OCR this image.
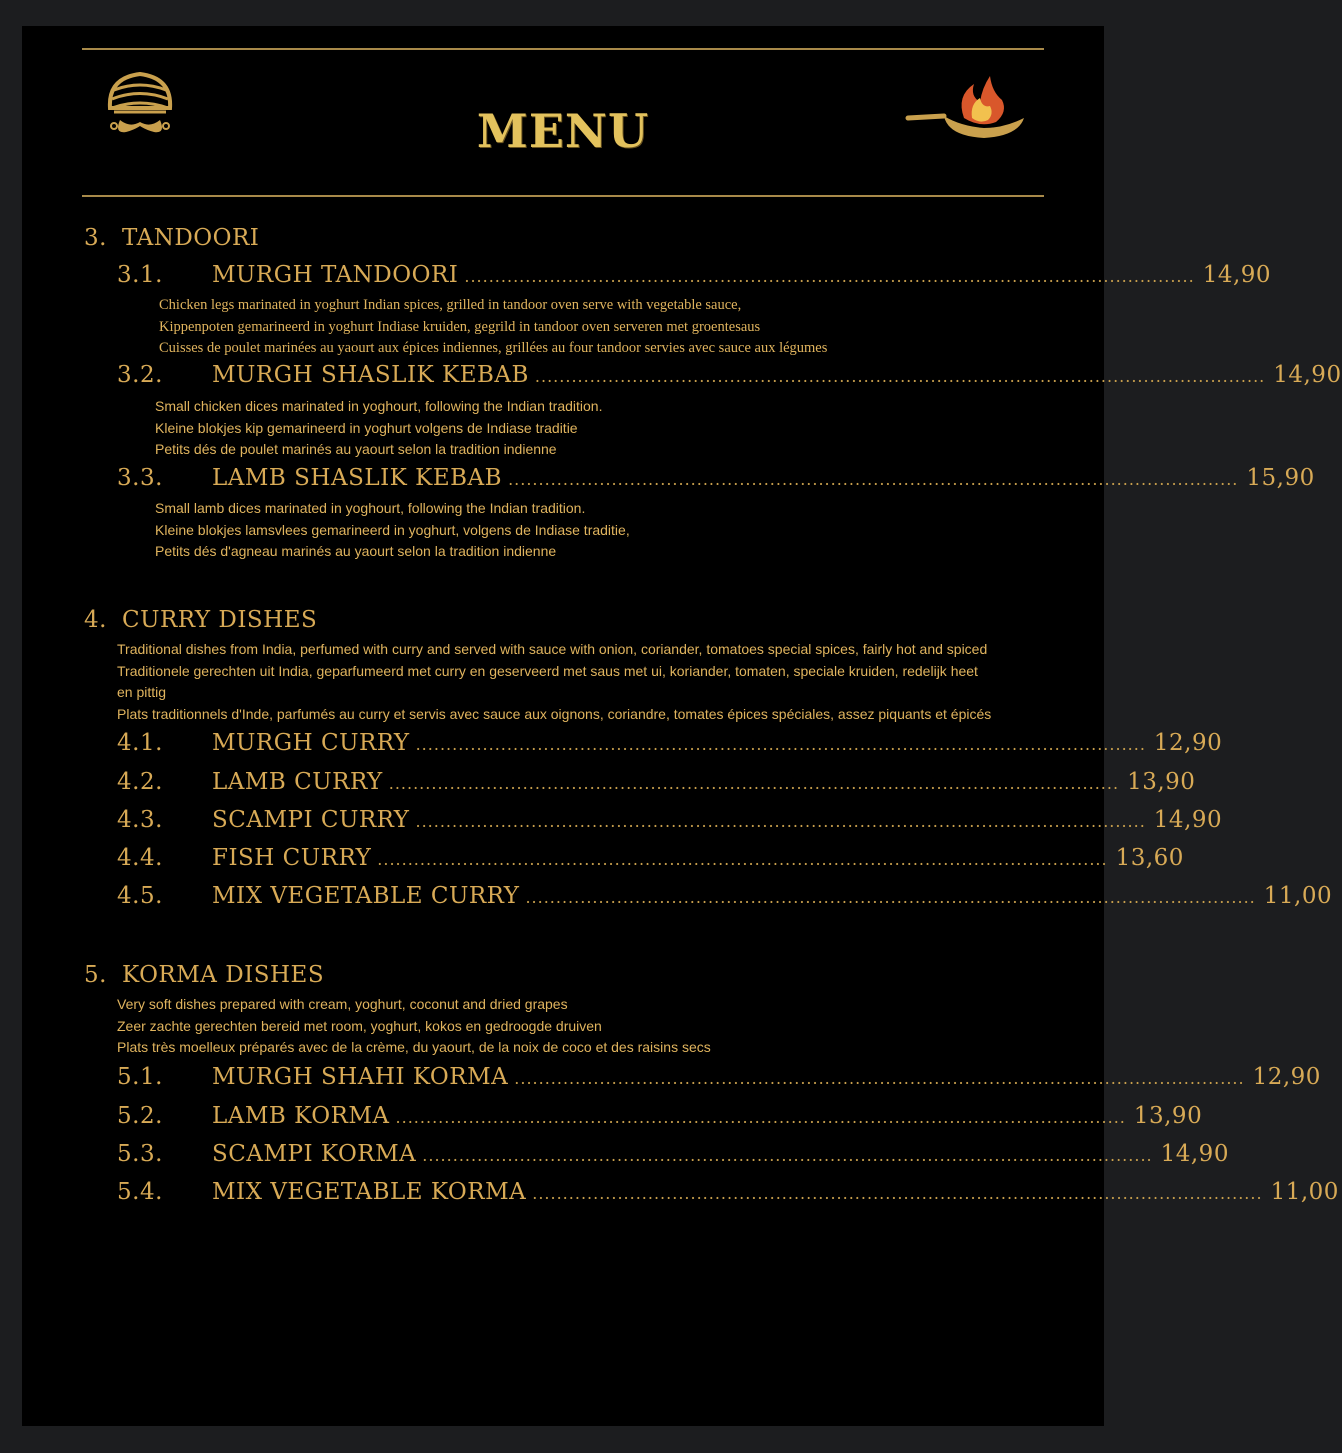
MENU
3. TANDOORI
3.1.	MURGH TANDOORI ........................................................................................................................ 14,90
Chicken legs marinated in yoghurt Indian spices, grilled in tandoor oven serve with vegetable sauce,
Kippenpoten gemarineerd in yoghurt Indiase kruiden, gegrild in tandoor oven serveren met groentesaus
Cuisses de poulet marinées au yaourt aux épices indiennes, grillées au four tandoor servies avec sauce aux légumes
3.2.	MURGH SHASLIK KEBAB ........................................................................................................................ 14,90
Small chicken dices marinated in yoghourt, following the Indian tradition.
Kleine blokjes kip gemarineerd in yoghurt volgens de Indiase traditie
Petits dés de poulet marinés au yaourt selon la tradition indienne
3.3.	LAMB SHASLIK KEBAB ........................................................................................................................ 15,90
Small lamb dices marinated in yoghourt, following the Indian tradition.
Kleine blokjes lamsvlees gemarineerd in yoghurt, volgens de Indiase traditie,
Petits dés d'agneau marinés au yaourt selon la tradition indienne
4. CURRY DISHES
Traditional dishes from India, perfumed with curry and served with sauce with onion, coriander, tomatoes special spices, fairly hot and spiced
Traditionele gerechten uit India, geparfumeerd met curry en geserveerd met saus met ui, koriander, tomaten, speciale kruiden, redelijk heet
en pittig
Plats traditionnels d'Inde, parfumés au curry et servis avec sauce aux oignons, coriandre, tomates épices spéciales, assez piquants et épicés
4.1.	MURGH CURRY ........................................................................................................................ 12,90
4.2.	LAMB CURRY ........................................................................................................................ 13,90
4.3.	SCAMPI CURRY ........................................................................................................................ 14,90
4.4.	FISH CURRY ........................................................................................................................ 13,60
4.5.	MIX VEGETABLE CURRY ........................................................................................................................ 11,00
5. KORMA DISHES
Very soft dishes prepared with cream, yoghurt, coconut and dried grapes
Zeer zachte gerechten bereid met room, yoghurt, kokos en gedroogde druiven
Plats très moelleux préparés avec de la crème, du yaourt, de la noix de coco et des raisins secs
5.1.	MURGH SHAHI KORMA ........................................................................................................................ 12,90
5.2.	LAMB KORMA ........................................................................................................................ 13,90
5.3.	SCAMPI KORMA ........................................................................................................................ 14,90
5.4.	MIX VEGETABLE KORMA ........................................................................................................................ 11,00
